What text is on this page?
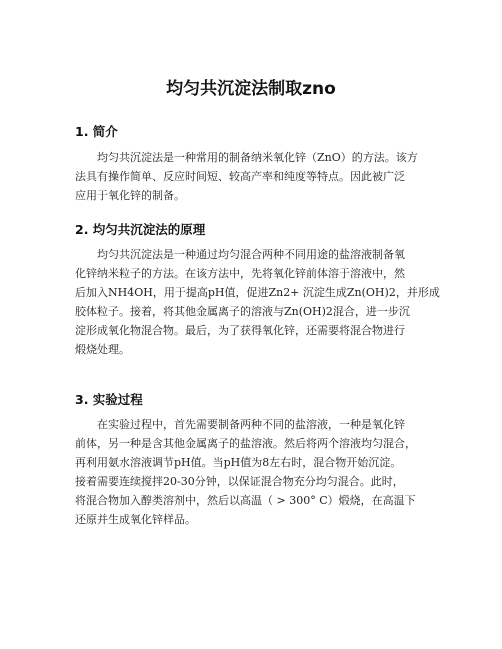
均匀共沉淀法制取zno
1. 简介
均匀共沉淀法是一种常用的制备纳米氧化锌（ZnO）的方法。该方
法具有操作简单、反应时间短、较高产率和纯度等特点。因此被广泛
应用于氧化锌的制备。
2. 均匀共沉淀法的原理
均匀共沉淀法是一种通过均匀混合两种不同用途的盐溶液制备氧
化锌纳米粒子的方法。在该方法中，先将氧化锌前体溶于溶液中，然
后加入NH4OH，用于提高pH值，促进Zn2+ 沉淀生成Zn(OH)2，并形成
胶体粒子。接着，将其他金属离子的溶液与Zn(OH)2混合，进一步沉
淀形成氧化物混合物。最后，为了获得氧化锌，还需要将混合物进行
煅烧处理。
3. 实验过程
在实验过程中，首先需要制备两种不同的盐溶液，一种是氧化锌
前体，另一种是含其他金属离子的盐溶液。然后将两个溶液均匀混合，
再利用氨水溶液调节pH值。当pH值为8左右时，混合物开始沉淀。
接着需要连续搅拌20-30分钟，以保证混合物充分均匀混合。此时，
将混合物加入醇类溶剂中，然后以高温（ > 300° C）煅烧，在高温下
还原并生成氧化锌样品。
